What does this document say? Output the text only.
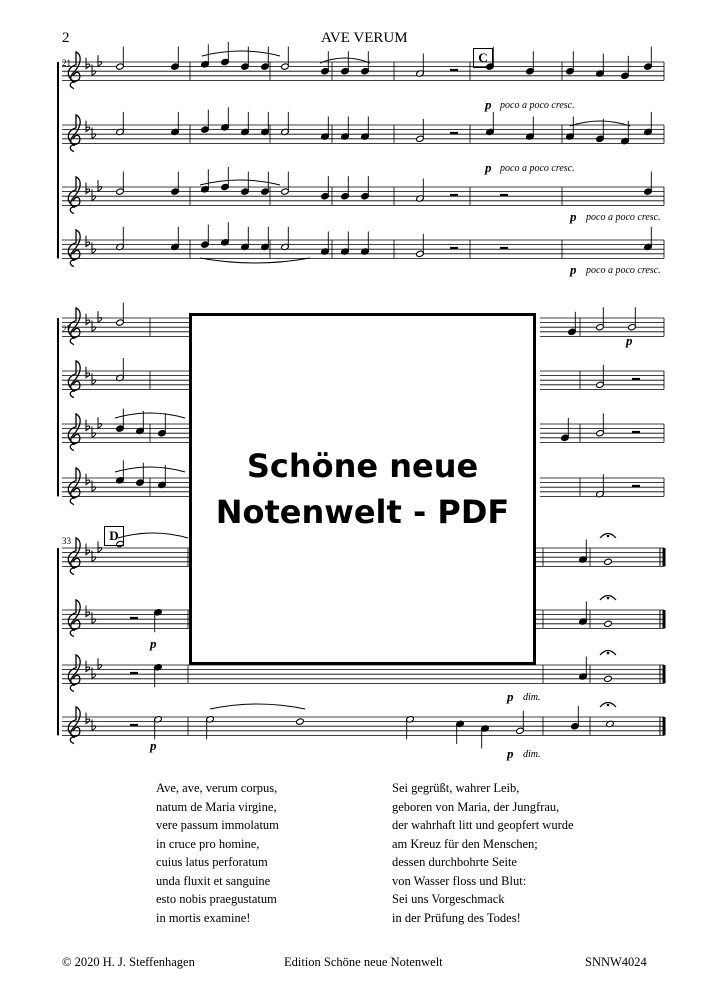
2	AVE VERUM
21
27
33
C
D
p poco a poco cresc.
p poco a poco cresc.
p poco a poco cresc.
p poco a poco cresc.
p
p
p dim.
p
p dim.
Schöne neue
Notenwelt - PDF
Ave, ave, verum corpus,
natum de Maria virgine,
vere passum immolatum
in cruce pro homine,
cuius latus perforatum
unda fluxit et sanguine
esto nobis praegustatum
in mortis examine!
Sei gegrüßt, wahrer Leib,
geboren von Maria, der Jungfrau,
der wahrhaft litt und geopfert wurde
am Kreuz für den Menschen;
dessen durchbohrte Seite
von Wasser floss und Blut:
Sei uns Vorgeschmack
in der Prüfung des Todes!
© 2020 H. J. Steffenhagen	Edition Schöne neue Notenwelt	SNNW4024
